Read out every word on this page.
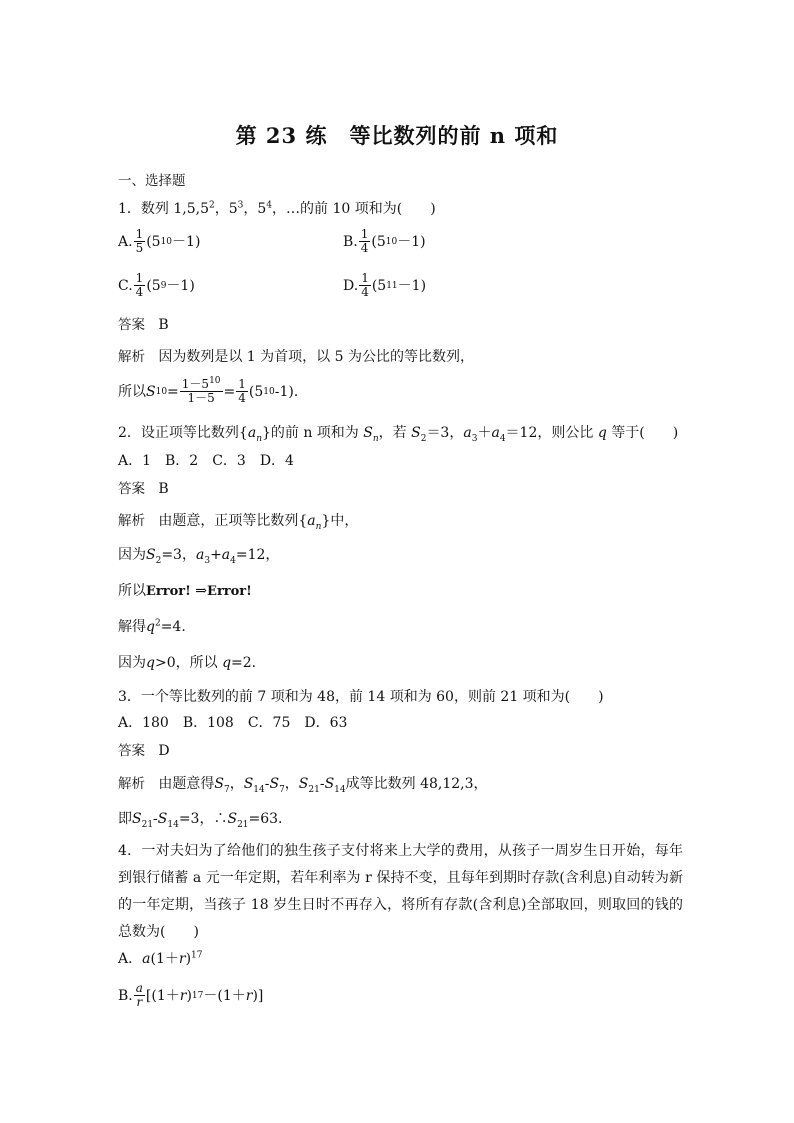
第 23 练　等比数列的前 n 项和
一、选择题
1．数列 1,5,5$^2$，$5^3$，$5^4$，…的前 10 项和为(　　)
A. $\frac{1}{5} (5$ 10 －1)	B. $\frac{1}{4} (5$ 10 －1)
C. $\frac{1}{4} (5$ 9 －1)	D. $\frac{1}{4} (5$ 11 －1)
答案 B
解析 因为数列是以 1 为首项，以 5 为公比的等比数列，
所以 S $10 = \frac{1-5^{10}}{1-5} = \frac{1}{4} (5$ 10 -1)．
2．设正项等比数列$\{a_n\}$的前 n 项和为 $S_n$，若 $S_2=3$，$a_3+a_4=12$，则公比 q 等于(　　)
A．1　B．2　C．3　D．4
答案 B
解析 由题意，正项等比数列$\{a_n\}$中，
因为$S_2=3$，$a_3+a_4=12$，
所以Error! ⇒Error!
解得$q^2=4$.
因为q>0，所以 q=2.
3．一个等比数列的前 7 项和为 48，前 14 项和为 60，则前 21 项和为(　　)
A．180　B．108　C．75　D．63
答案 D
解析 由题意得$S_7$，$S_{14}-S_7$，$S_{21}-S_{14}$成等比数列 48,12,3，
即$S_{21}-S_{14}=3$，$\therefore S_{21}=63$.
4．一对夫妇为了给他们的独生孩子支付将来上大学的费用，从孩子一周岁生日开始，每年到银行储蓄 a 元一年定期，若年利率为 r 保持不变，且每年到期时存款(含利息)自动转为新的一年定期，当孩子 18 岁生日时不再存入，将所有存款(含利息)全部取回，则取回的钱的总数为(　　)
A．$a(1+r)^{17}$
B. $\frac{a}{r} [(1+ r$ ) 17 －(1＋ r )]
